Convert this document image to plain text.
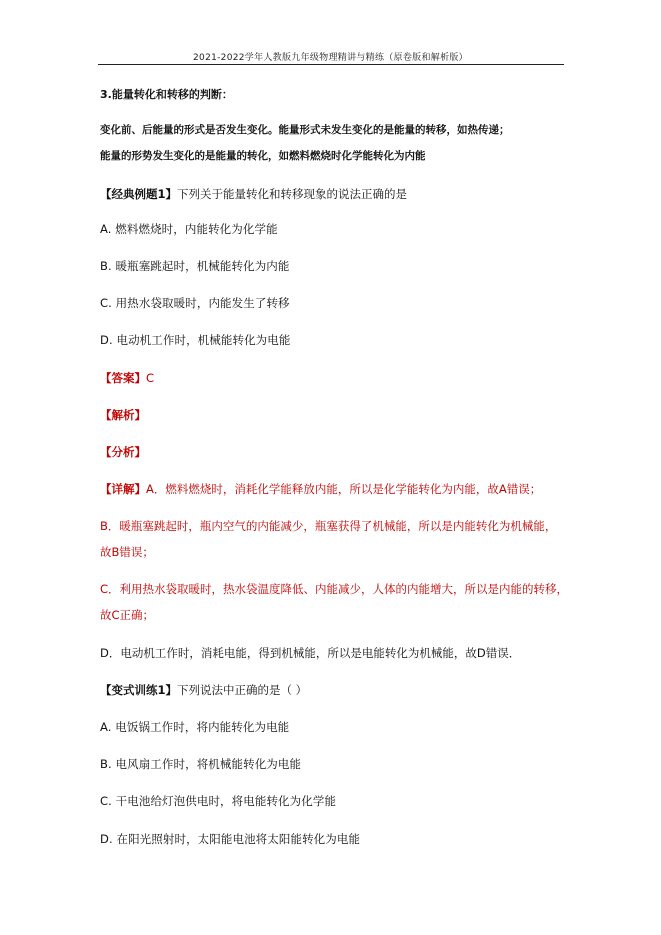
2021-2022学年人教版九年级物理精讲与精练（原卷版和解析版）
3.能量转化和转移的判断：
变化前、后能量的形式是否发生变化。能量形式未发生变化的是能量的转移，如热传递；
能量的形势发生变化的是能量的转化，如燃料燃烧时化学能转化为内能
【经典例题1】下列关于能量转化和转移现象的说法正确的是
A. 燃料燃烧时，内能转化为化学能
B. 暖瓶塞跳起时，机械能转化为内能
C. 用热水袋取暖时，内能发生了转移
D. 电动机工作时，机械能转化为电能
【答案】C
【解析】
【分析】
【详解】A．燃料燃烧时，消耗化学能释放内能，所以是化学能转化为内能，故A错误；
B．暖瓶塞跳起时，瓶内空气的内能减少，瓶塞获得了机械能，所以是内能转化为机械能，
故B错误；
C．利用热水袋取暖时，热水袋温度降低、内能减少，人体的内能增大，所以是内能的转移，
故C正确；
D．电动机工作时，消耗电能，得到机械能，所以是电能转化为机械能，故D错误．
【变式训练1】下列说法中正确的是（ ）
A. 电饭锅工作时，将内能转化为电能
B. 电风扇工作时，将机械能转化为电能
C. 干电池给灯泡供电时，将电能转化为化学能
D. 在阳光照射时，太阳能电池将太阳能转化为电能
